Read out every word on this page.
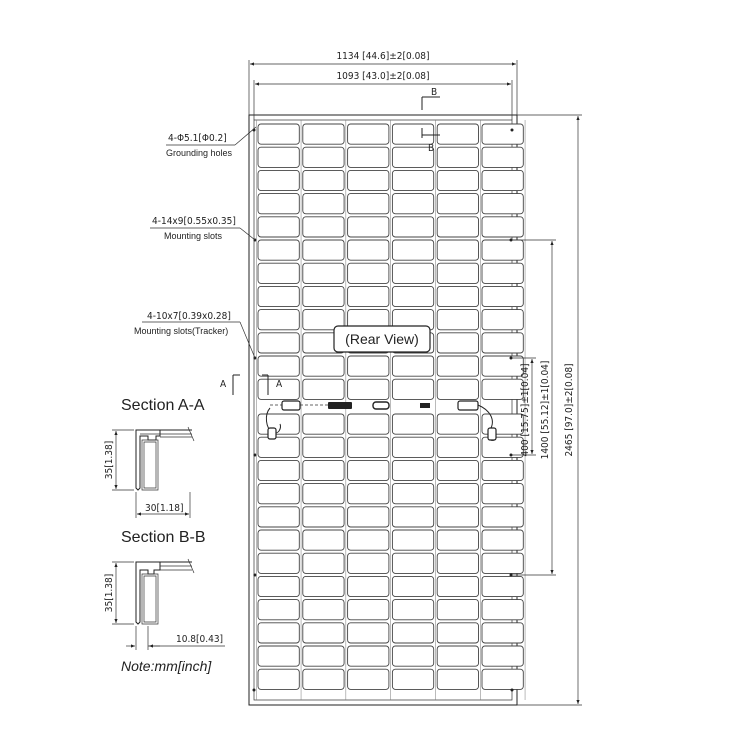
(Rear View)
1134 [44.6]±2[0.08]
1093 [43.0]±2[0.08]
B
B
A	A	2465 [97.0]±2[0.08]
1400 [55.12]±1[0.04]
400 [15.75]±1[0.04]
4-Φ5.1[Φ0.2]
Grounding holes
4-14x9[0.55x0.35]
Mounting slots
4-10x7[0.39x0.28]
Mounting slots(Tracker)
Section A-A
35[1.38]
30[1.18]
Section B-B
35[1.38]
10.8[0.43]
Note:mm[inch]
